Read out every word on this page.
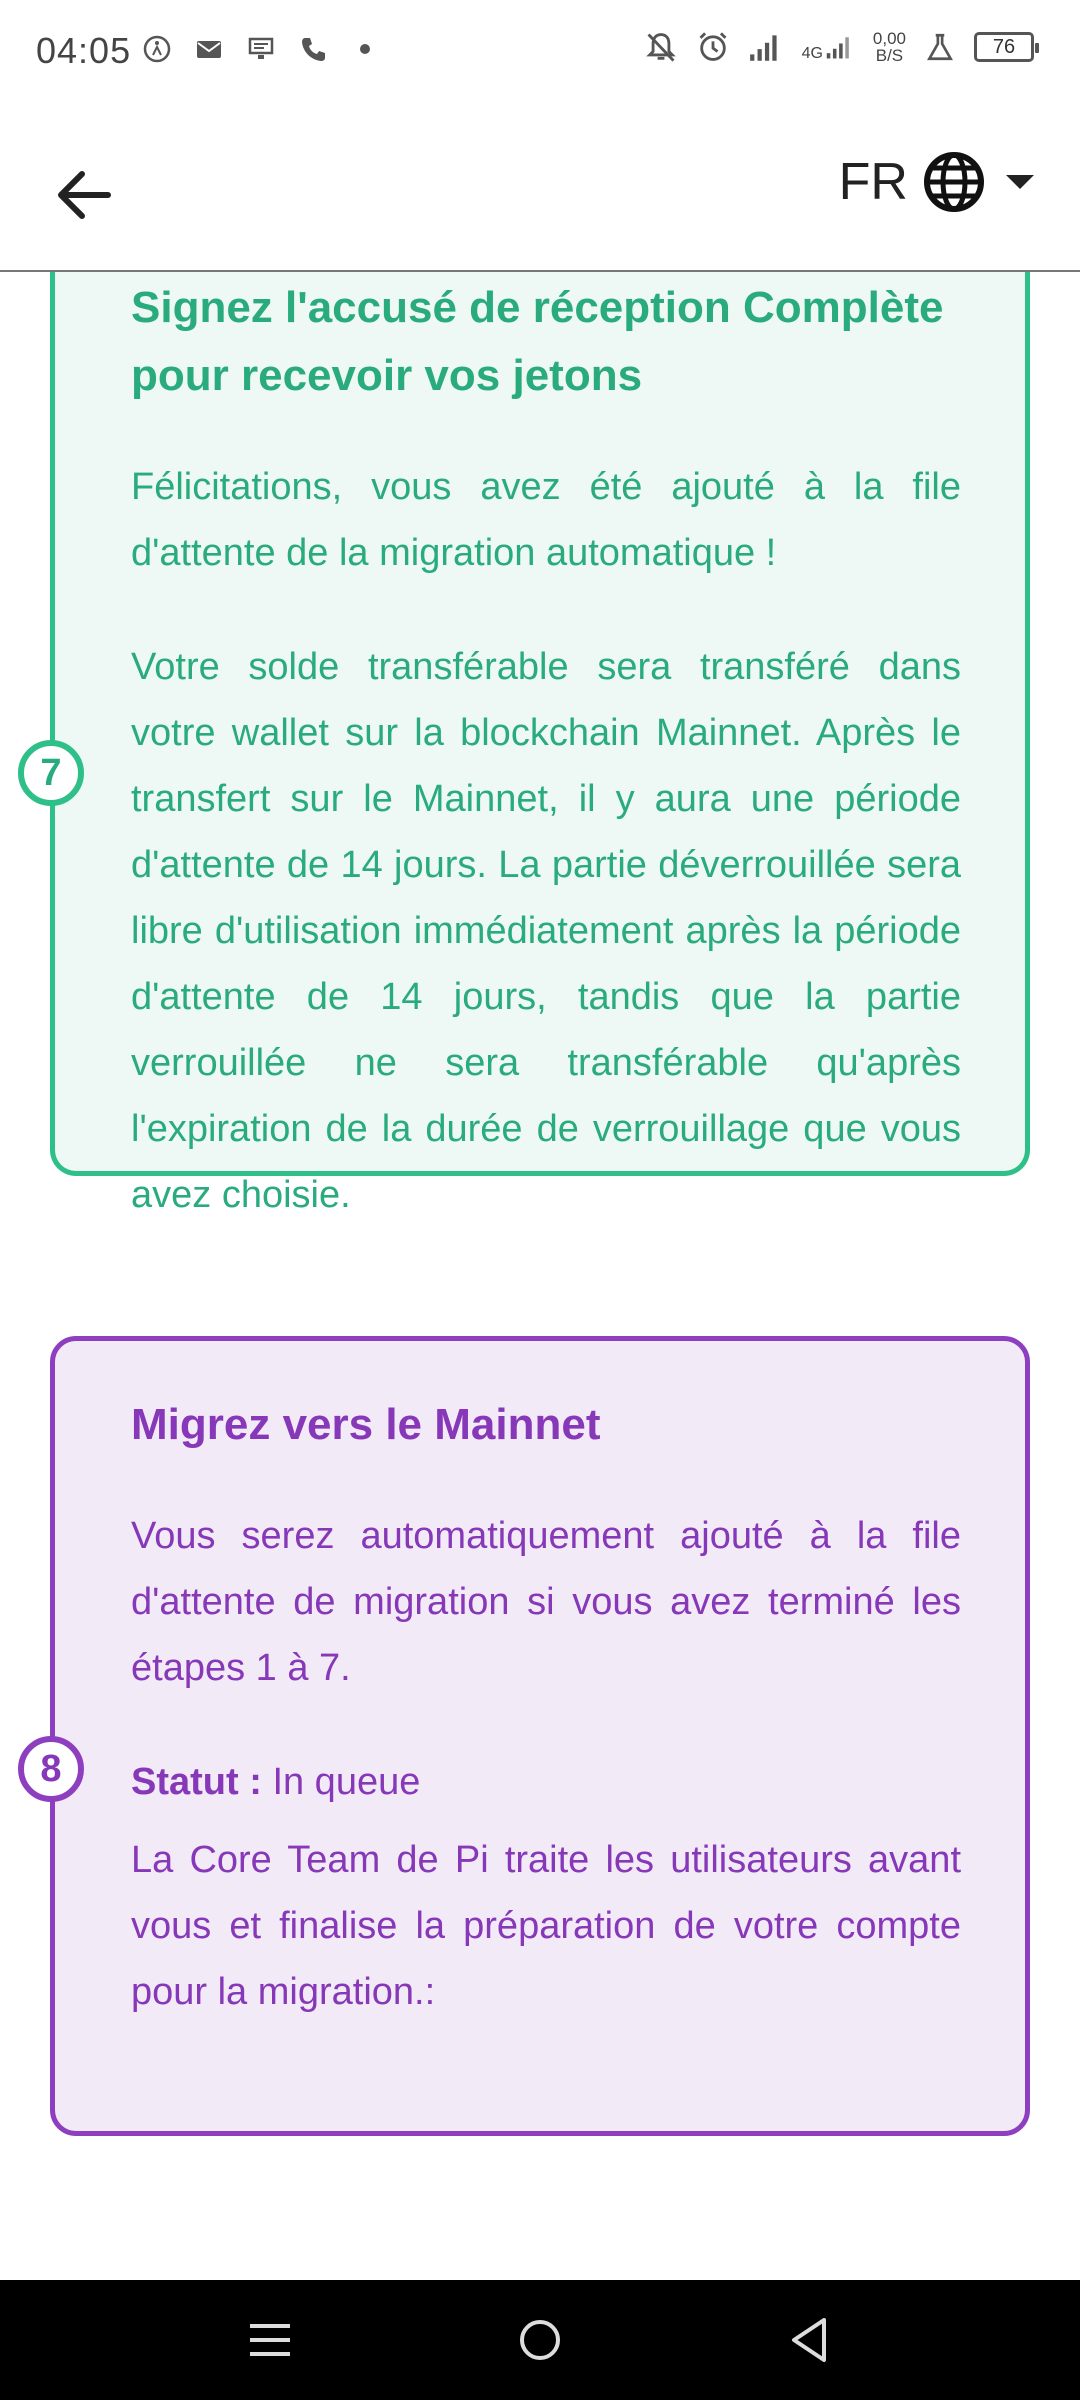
04:05	4G
0,00
B/S	76
FR
Signez l'accusé de réception Complète
pour recevoir vos jetons

Félicitations, vous avez été ajouté à la file d'attente de la migration automatique !

Votre solde transférable sera transféré dans votre wallet sur la blockchain Mainnet. Après le transfert sur le Mainnet, il y aura une période d'attente de 14 jours. La partie déverrouillée sera libre d'utilisation immédiatement après la période d'attente de 14 jours, tandis que la partie verrouillée ne sera transférable qu'après l'expiration de la durée de verrouillage que vous avez choisie.

Migrez vers le Mainnet

Vous serez automatiquement ajouté à la file d'attente de migration si vous avez terminé les étapes 1 à 7.

Statut : In queue

La Core Team de Pi traite les utilisateurs avant vous et finalise la préparation de votre compte pour la migration.:

7
8
